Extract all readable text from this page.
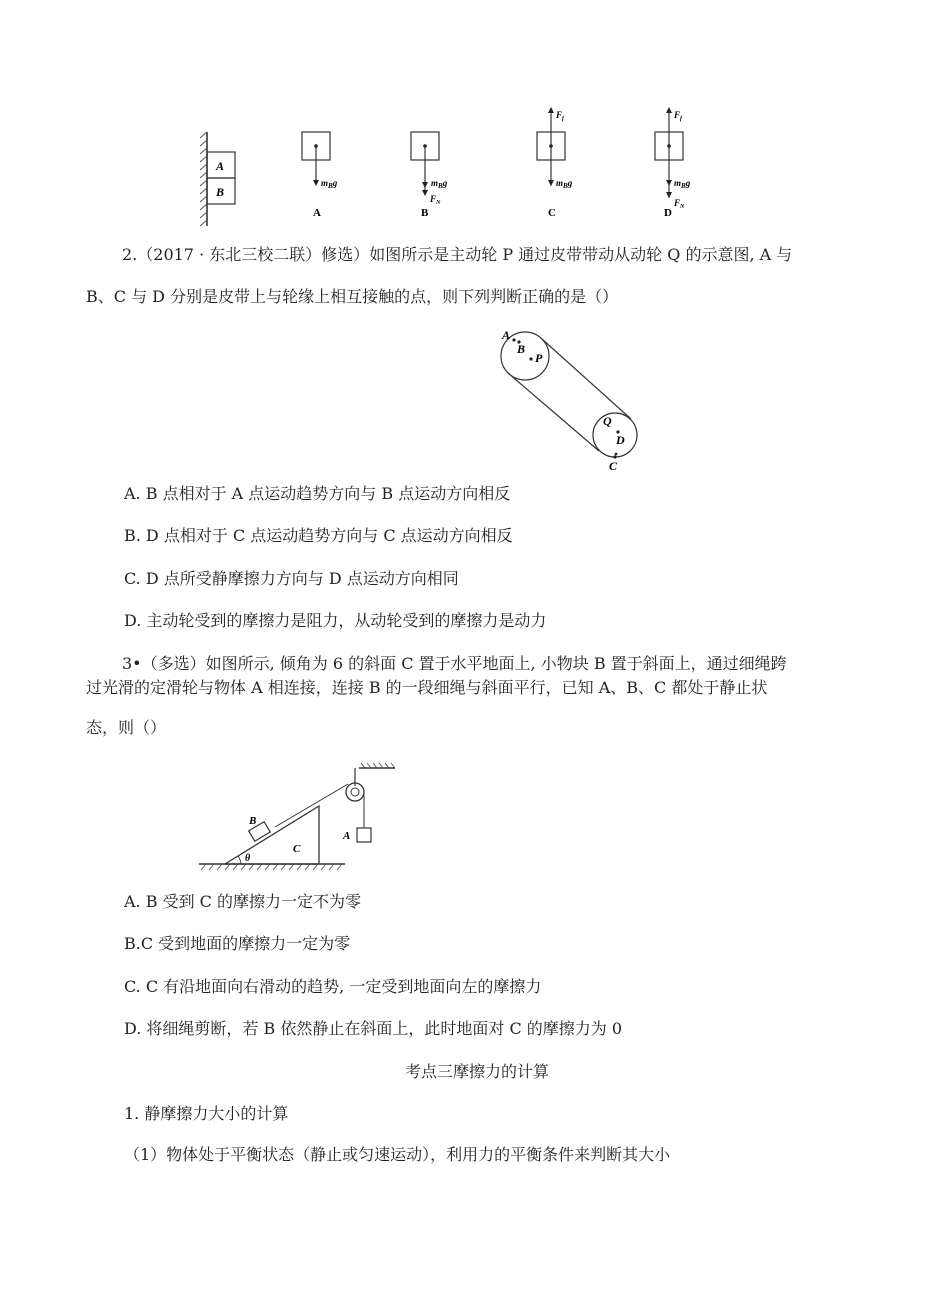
A
B
$m_Bg$
A
$m_Bg$
$F_N$
B
$F_f$
$m_Bg$
C
$F_f$
$m_Bg$
$F_N$
D
2.（2017 · 东北三校二联）修选）如图所示是主动轮 P 通过皮带带动从动轮 Q 的示意图, A 与
B、C 与 D 分别是皮带上与轮缘上相互接触的点，则下列判断正确的是（）
A
B
P
Q
D
C
A. B 点相对于 A 点运动趋势方向与 B 点运动方向相反
B. D 点相对于 C 点运动趋势方向与 C 点运动方向相反
C. D 点所受静摩擦力方向与 D 点运动方向相同
D. 主动轮受到的摩擦力是阻力，从动轮受到的摩擦力是动力
3•（多选）如图所示, 倾角为 6 的斜面 C 置于水平地面上, 小物块 B 置于斜面上，通过细绳跨
过光滑的定滑轮与物体 A 相连接，连接 B 的一段细绳与斜面平行，已知 A、B、C 都处于静止状
态，则（）
A
B
C
θ
A. B 受到 C 的摩擦力一定不为零
B.C 受到地面的摩擦力一定为零
C. C 有沿地面向右滑动的趋势, 一定受到地面向左的摩擦力
D. 将细绳剪断，若 B 依然静止在斜面上，此时地面对 C 的摩擦力为 0
考点三摩擦力的计算
1. 静摩擦力大小的计算
（1）物体处于平衡状态（静止或匀速运动），利用力的平衡条件来判断其大小
